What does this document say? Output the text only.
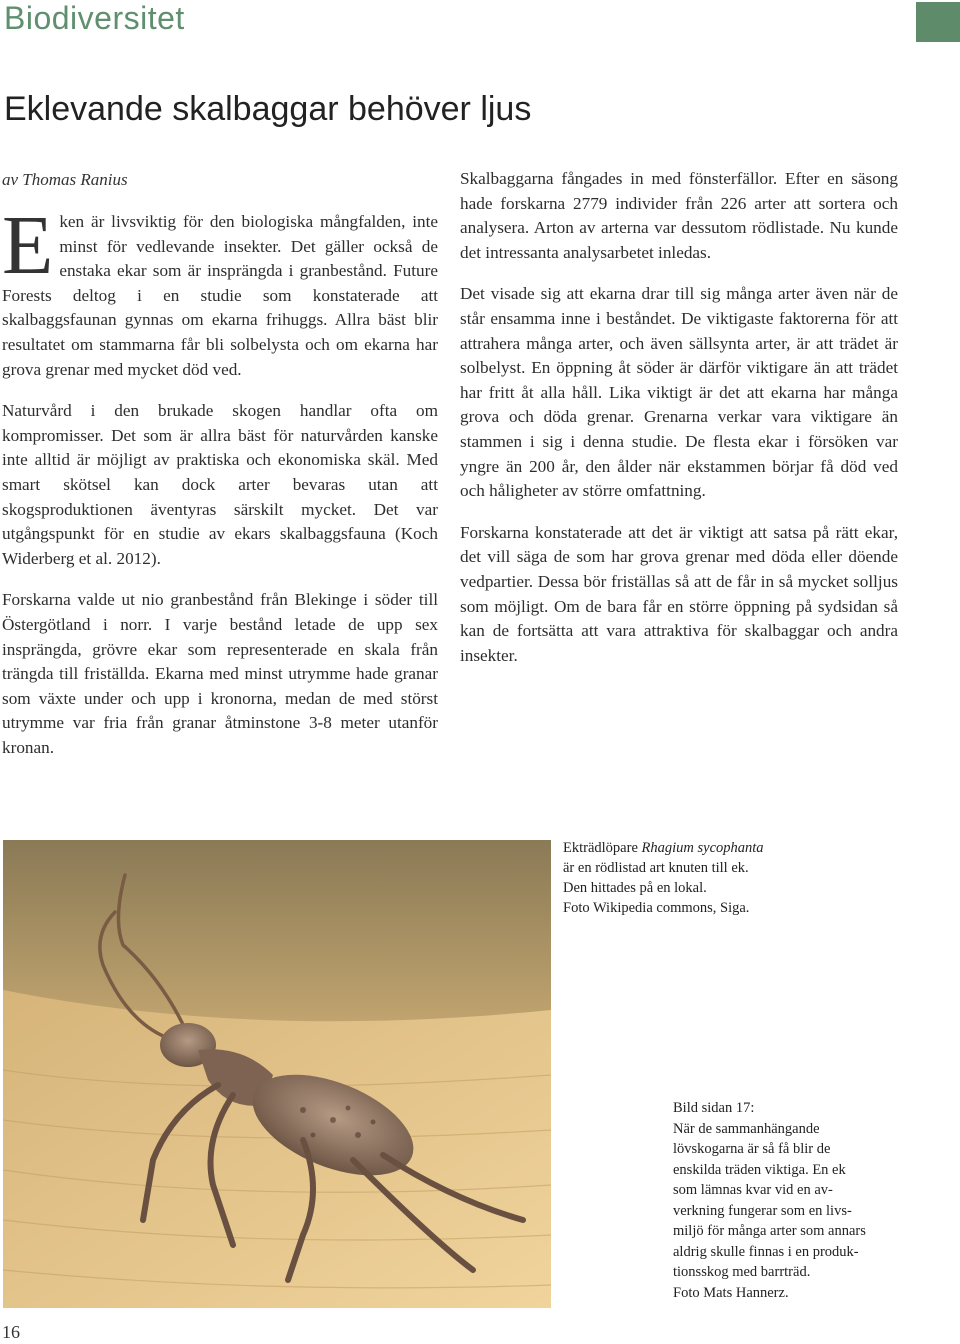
Biodiversitet
Eklevande skalbaggar behöver ljus
av Thomas Ranius

Eken är livsviktig för den biologiska mångfalden, inte minst för vedlevande insekter. Det gäller också de enstaka ekar som är insprängda i granbestånd. Future Forests deltog i en studie som konstaterade att skalbaggsfaunan gynnas om ekarna frihuggs. Allra bäst blir resultatet om stammarna får bli solbelysta och om ekarna har grova grenar med mycket död ved.

Naturvård i den brukade skogen handlar ofta om kompromisser. Det som är allra bäst för naturvården kanske inte alltid är möjligt av praktiska och ekonomiska skäl. Med smart skötsel kan dock arter bevaras utan att skogsproduktionen äventyras särskilt mycket. Det var utgångspunkt för en studie av ekars skalbaggsfauna (Koch Widerberg et al. 2012).

Forskarna valde ut nio granbestånd från Blekinge i söder till Östergötland i norr. I varje bestånd letade de upp sex insprängda, grövre ekar som representerade en skala från trängda till friställda. Ekarna med minst utrymme hade granar som växte under och upp i kronorna, medan de med störst utrymme var fria från granar åtminstone 3-8 meter utanför kronan.

Skalbaggarna fångades in med fönsterfällor. Efter en säsong hade forskarna 2779 individer från 226 arter att sortera och analysera. Arton av arterna var dessutom rödlistade. Nu kunde det intressanta analysarbetet inledas.

Det visade sig att ekarna drar till sig många arter även när de står ensamma inne i beståndet. De viktigaste faktorerna för att attrahera många arter, och även sällsynta arter, är att trädet är solbelyst. En öppning åt söder är därför viktigare än att trädet har fritt åt alla håll. Lika viktigt är det att ekarna har många grova och döda grenar. Grenarna verkar vara viktigare än stammen i sig i denna studie. De flesta ekar i försöken var yngre än 200 år, den ålder när ekstammen börjar få död ved och håligheter av större omfattning.

Forskarna konstaterade att det är viktigt att satsa på rätt ekar, det vill säga de som har grova grenar med döda eller döende vedpartier. Dessa bör friställas så att de får in så mycket solljus som möjligt. Om de bara får en större öppning på sydsidan så kan de fortsätta att vara attraktiva för skalbaggar och andra insekter.

Ekträdlöpare Rhagium sycophanta
är en rödlistad art knuten till ek.
Den hittades på en lokal.
Foto Wikipedia commons, Siga.
Bild sidan 17:
När de sammanhängande
lövskogarna är så få blir de
enskilda träden viktiga. En ek
som lämnas kvar vid en av-
verkning fungerar som en livs-
miljö för många arter som annars
aldrig skulle finnas i en produk-
tionsskog med barrträd.
Foto Mats Hannerz.
16
